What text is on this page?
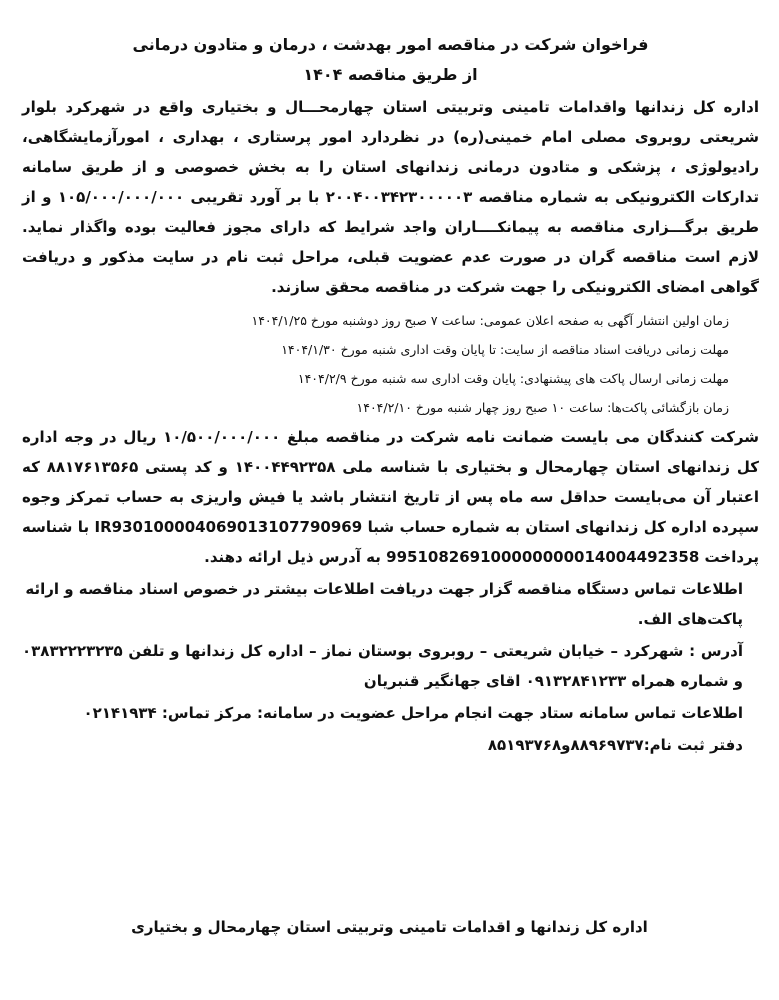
فراخوان شرکت در مناقصه امور بهدشت ، درمان و متادون درمانی

از طریق مناقصه ۱۴۰۴

اداره کل زندانها واقدامات تامینی وتربیتی استان چهارمحـــال و بختیاری واقع در شهرکرد بلوار شریعتی روبروی مصلی امام خمینی(ره) در نظردارد امور پرستاری ، بهداری ، امورآزمایشگاهی، رادیولوژی ، پزشکی و متادون درمانی زندانهای استان را به بخش خصوصی و از طریق سامانه تدارکات الکترونیکی به شماره مناقصه ۲۰۰۴۰۰۳۴۲۳۰۰۰۰۰۳ با بر آورد تقریبی ۱۰۵/۰۰۰/۰۰۰/۰۰۰ و از طریق برگـــزاری مناقصه به پیمانکــــاران واجد شرایط که دارای مجوز فعالیت بوده واگذار نماید. لازم است مناقصه گران در صورت عدم عضویت قبلی، مراحل ثبت نام در سایت مذکور و دریافت گواهی امضای الکترونیکی را جهت شرکت در مناقصه محقق سازند.

زمان اولین انتشار آگهی به صفحه اعلان عمومی: ساعت ۷ صبح روز دوشنبه مورخ ۱۴۰۴/۱/۲۵
مهلت زمانی دریافت اسناد مناقصه از سایت: تا پایان وقت اداری شنبه مورخ ۱۴۰۴/۱/۳۰
مهلت زمانی ارسال پاکت های پیشنهادی: پایان وقت اداری سه شنبه مورخ ۱۴۰۴/۲/۹
زمان بازگشائی پاکت‌ها: ساعت ۱۰ صبح روز چهار شنبه مورخ ۱۴۰۴/۲/۱۰

شرکت کنندگان می بایست ضمانت نامه شرکت در مناقصه مبلغ ۱۰/۵۰۰/۰۰۰/۰۰۰ ریال در وجه اداره کل زندانهای استان چهارمحال و بختیاری با شناسه ملی ۱۴۰۰۴۴۹۲۳۵۸ و کد پستی ۸۸۱۷۶۱۳۵۶۵ که اعتبار آن می‌بایست حداقل سه ماه پس از تاریخ انتشار باشد یا فیش واریزی به حساب تمرکز وجوه سپرده اداره کل زندانهای استان به شماره حساب شبا IR930100004069013107790969 با شناسه پرداخت 995108269100000000014004492358 به آدرس ذیل ارائه دهند.

اطلاعات تماس دستگاه مناقصه گزار جهت دریافت اطلاعات بیشتر در خصوص اسناد مناقصه و ارائه پاکت‌های الف.

آدرس : شهرکرد – خیابان شریعتی – روبروی بوستان نماز – اداره کل زندانها و تلفن ۰۳۸۳۲۲۲۳۲۳۵ و شماره همراه ۰۹۱۳۲۸۴۱۲۳۳ اقای جهانگیر قنبریان

اطلاعات تماس سامانه ستاد جهت انجام مراحل عضویت در سامانه: مرکز تماس: ۰۲۱۴۱۹۳۴

دفتر ثبت نام:۸۸۹۶۹۷۳۷و۸۵۱۹۳۷۶۸

اداره کل زندانها و اقدامات تامینی وتربیتی استان چهارمحال و بختیاری
